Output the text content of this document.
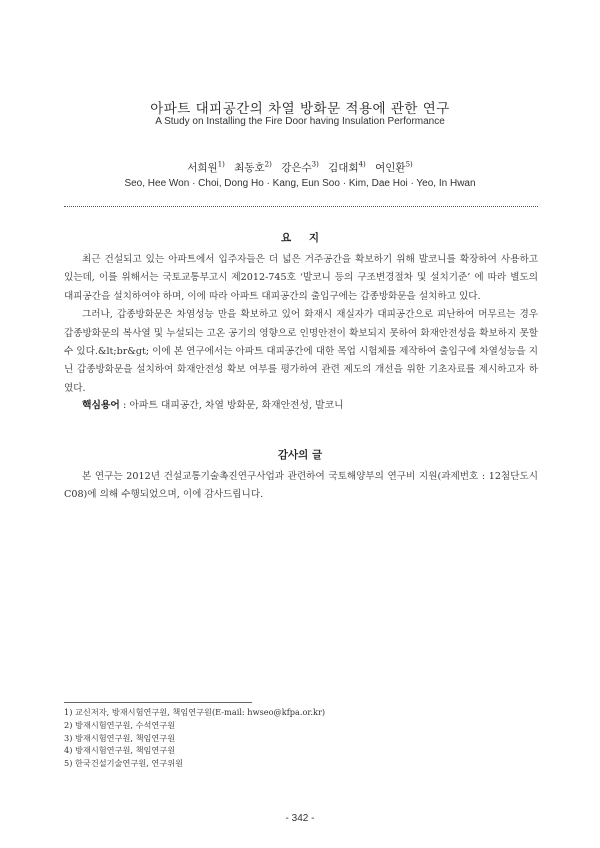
아파트 대피공간의 차열 방화문 적용에 관한 연구
A Study on Installing the Fire Door having Insulation Performance
서희원$^{1)}$ 최동호$^{2)}$ 강은수$^{3)}$ 김대회$^{4)}$ 여인환$^{5)}$
Seo, Hee Won · Choi, Dong Ho · Kang, Eun Soo · Kim, Dae Hoi · Yeo, In Hwan
요 지

최근 건설되고 있는 아파트에서 입주자들은 더 넓은 거주공간을 확보하기 위해 발코니를 확장하여 사용하고 있는데, 이를 위해서는 국토교통부고시 제2012-745호 ‘발코니 등의 구조변경절차 및 설치기준’ 에 따라 별도의 대피공간을 설치하여야 하며, 이에 따라 아파트 대피공간의 출입구에는 갑종방화문을 설치하고 있다.

그러나, 갑종방화문은 차염성능 만을 확보하고 있어 화재시 재실자가 대피공간으로 피난하여 머무르는 경우 갑종방화문의 복사열 및 누설되는 고온 공기의 영향으로 인명안전이 확보되지 못하여 화재안전성을 확보하지 못할 수 있다.&lt;br&gt; 이에 본 연구에서는 아파트 대피공간에 대한 목업 시험체를 제작하여 출입구에 차열성능을 지닌 갑종방화문을 설치하여 화재안전성 확보 여부를 평가하여 관련 제도의 개선을 위한 기초자료를 제시하고자 하였다.

핵심용어 : 아파트 대피공간, 차열 방화문, 화재안전성, 발코니
감사의 글

본 연구는 2012년 건설교통기술촉진연구사업과 관련하여 국토해양부의 연구비 지원(과제번호 : 12첨단도시C08)에 의해 수행되었으며, 이에 감사드립니다.

1) 교신저자, 방재시험연구원, 책임연구원(E-mail: hwseo@kfpa.or.kr)
2) 방재시험연구원, 수석연구원
3) 방재시험연구원, 책임연구원
4) 방재시험연구원, 책임연구원
5) 한국건설기술연구원, 연구위원
- 342 -
